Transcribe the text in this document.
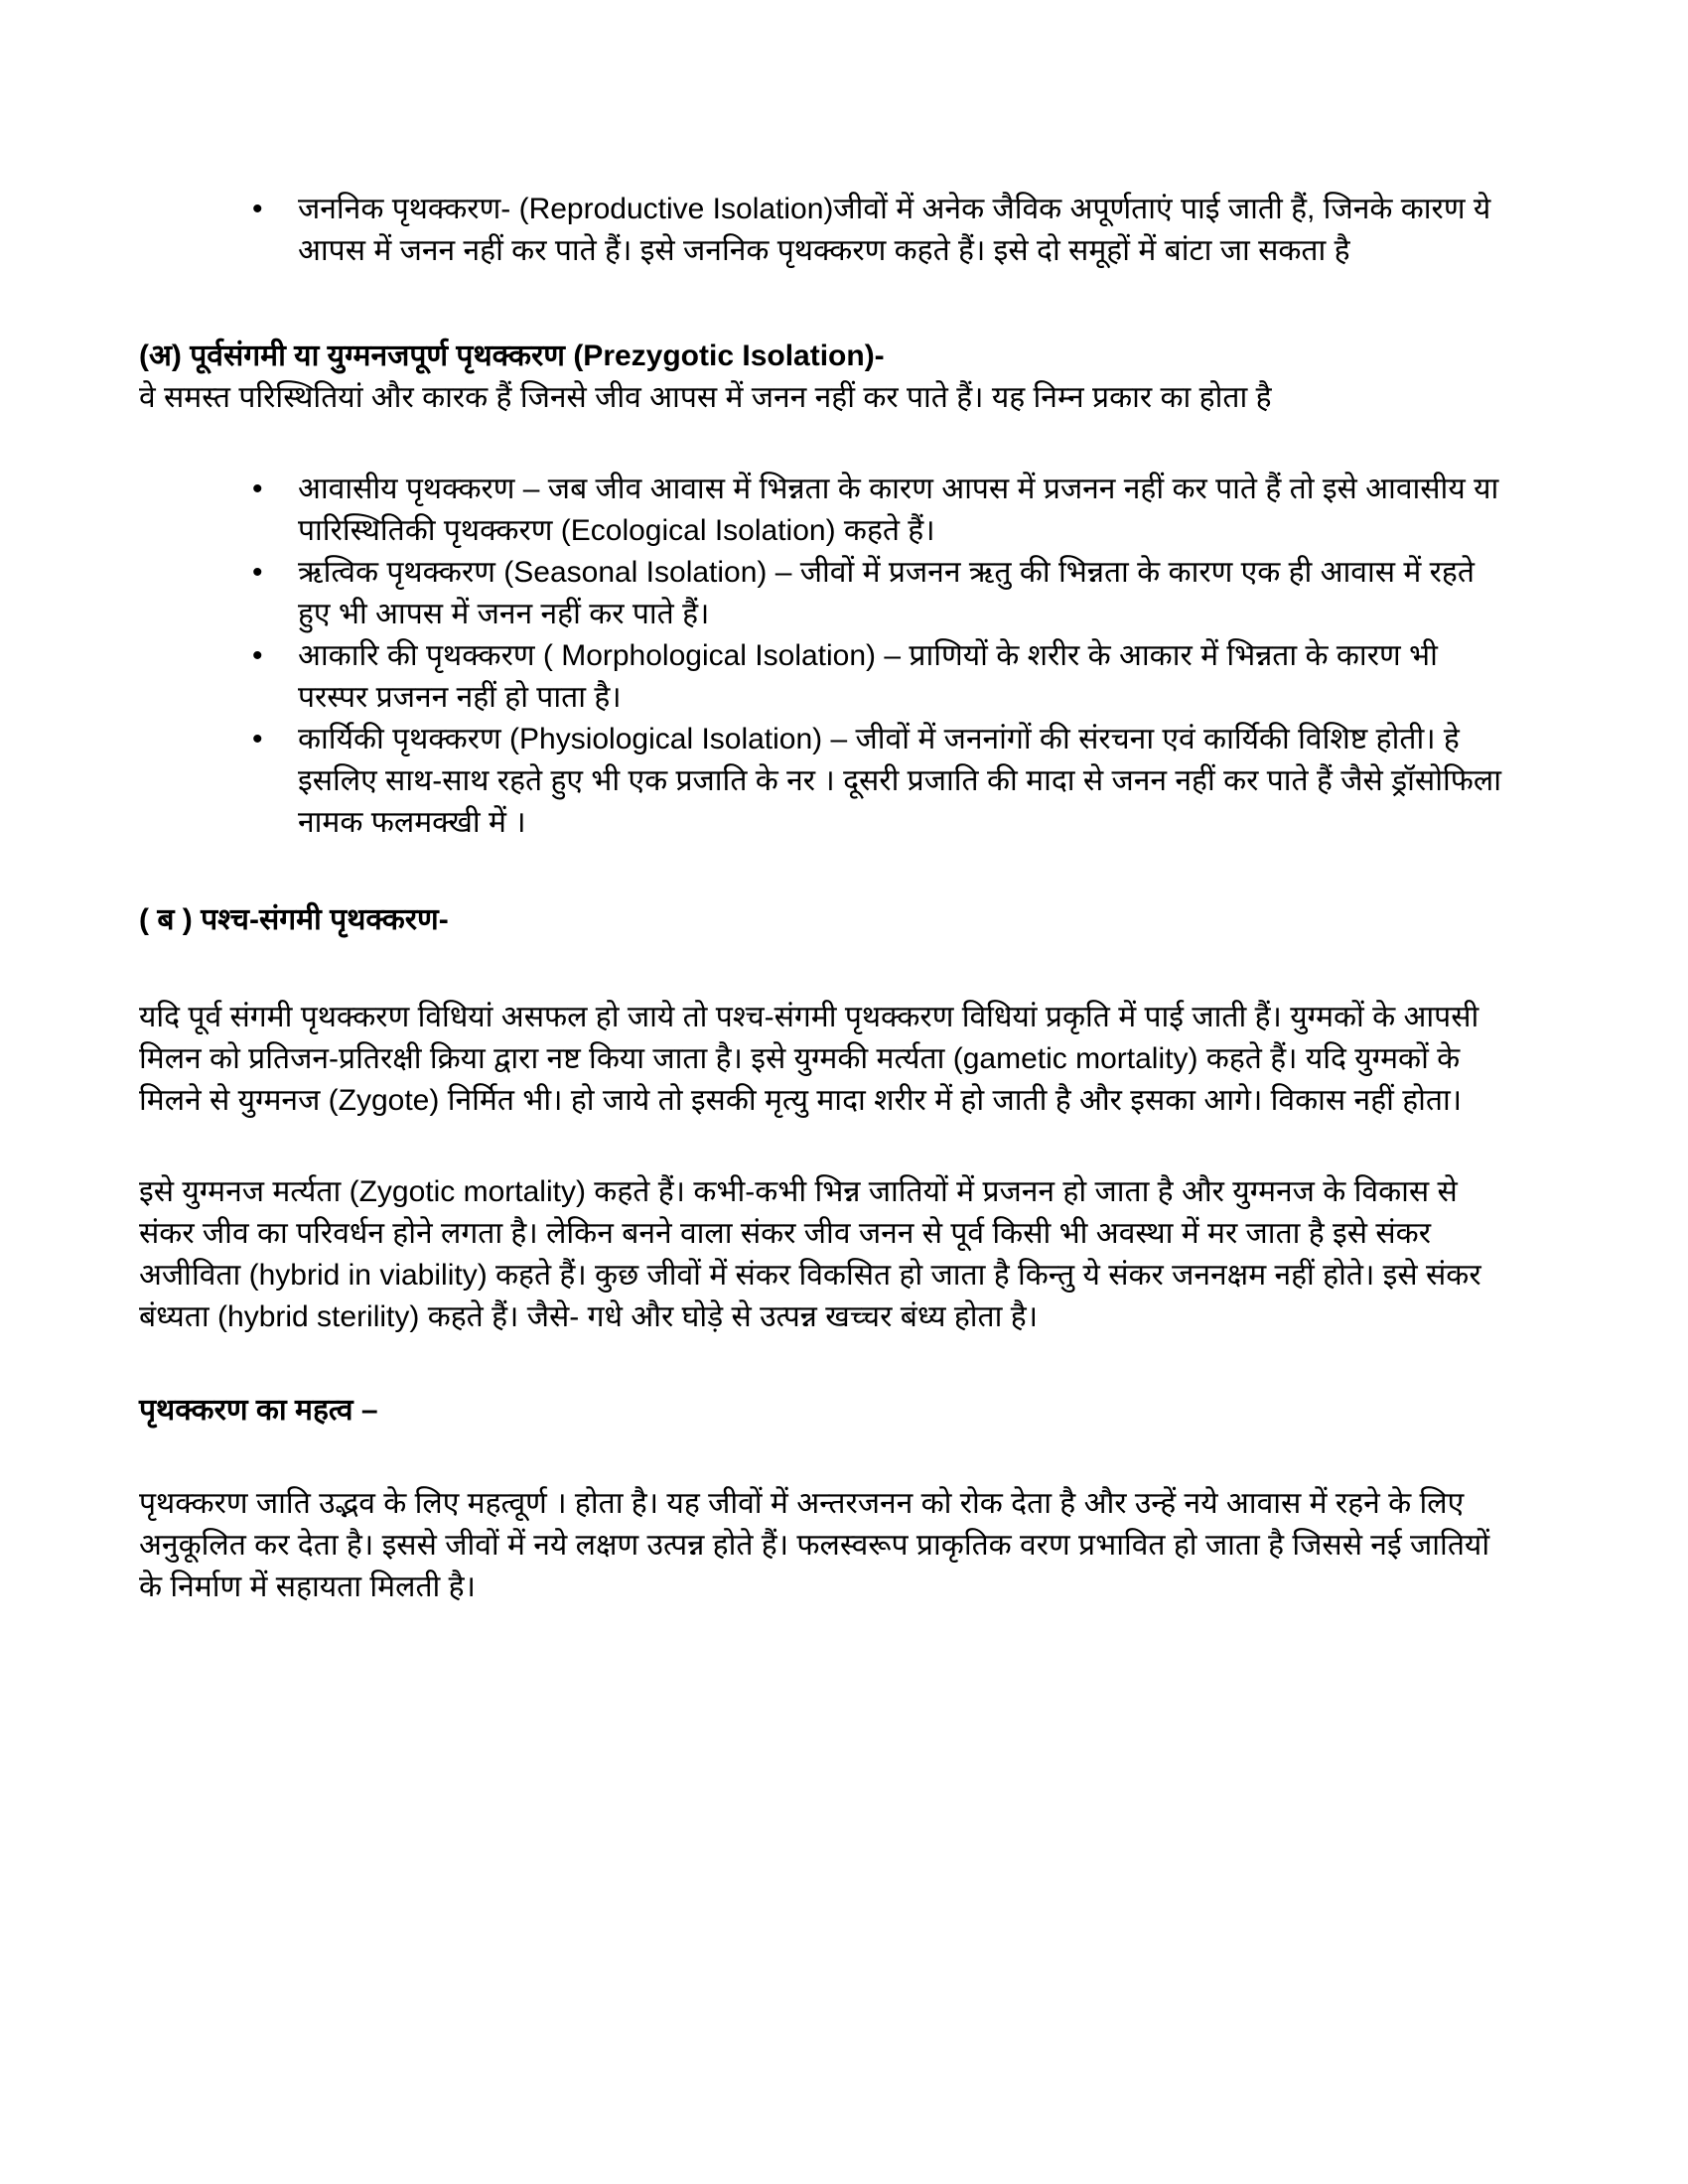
• जननिक पृथक्करण- (Reproductive Isolation)जीवों में अनेक जैविक अपूर्णताएं पाई जाती हैं, जिनके कारण ये आपस में जनन नहीं कर पाते हैं। इसे जननिक पृथक्करण कहते हैं। इसे दो समूहों में बांटा जा सकता है
(अ) पूर्वसंगमी या युग्मनजपूर्ण पृथक्करण (Prezygotic Isolation)-

वे समस्त परिस्थितियां और कारक हैं जिनसे जीव आपस में जनन नहीं कर पाते हैं। यह निम्न प्रकार का होता है

• आवासीय पृथक्करण – जब जीव आवास में भिन्नता के कारण आपस में प्रजनन नहीं कर पाते हैं तो इसे आवासीय या पारिस्थितिकी पृथक्करण (Ecological Isolation) कहते हैं।
• ऋत्विक पृथक्करण (Seasonal Isolation) – जीवों में प्रजनन ऋतु की भिन्नता के कारण एक ही आवास में रहते हुए भी आपस में जनन नहीं कर पाते हैं।
• आकारि की पृथक्करण ( Morphological Isolation) – प्राणियों के शरीर के आकार में भिन्नता के कारण भी परस्पर प्रजनन नहीं हो पाता है।
• कार्यिकी पृथक्करण (Physiological Isolation) – जीवों में जननांगों की संरचना एवं कार्यिकी विशिष्ट होती। हे इसलिए साथ-साथ रहते हुए भी एक प्रजाति के नर । दूसरी प्रजाति की मादा से जनन नहीं कर पाते हैं जैसे ड्रॉसोफिला नामक फलमक्खी में ।
( ब ) पश्च-संगमी पृथक्करण-

यदि पूर्व संगमी पृथक्करण विधियां असफल हो जाये तो पश्च-संगमी पृथक्करण विधियां प्रकृति में पाई जाती हैं। युग्मकों के आपसी मिलन को प्रतिजन-प्रतिरक्षी क्रिया द्वारा नष्ट किया जाता है। इसे युग्मकी मर्त्यता (gametic mortality) कहते हैं। यदि युग्मकों के मिलने से युग्मनज (Zygote) निर्मित भी। हो जाये तो इसकी मृत्यु मादा शरीर में हो जाती है और इसका आगे। विकास नहीं होता।

इसे युग्मनज मर्त्यता (Zygotic mortality) कहते हैं। कभी-कभी भिन्न जातियों में प्रजनन हो जाता है और युग्मनज के विकास से संकर जीव का परिवर्धन होने लगता है। लेकिन बनने वाला संकर जीव जनन से पूर्व किसी भी अवस्था में मर जाता है इसे संकर अजीविता (hybrid in viability) कहते हैं। कुछ जीवों में संकर विकसित हो जाता है किन्तु ये संकर जननक्षम नहीं होते। इसे संकर बंध्यता (hybrid sterility) कहते हैं। जैसे- गधे और घोड़े से उत्पन्न खच्चर बंध्य होता है।

पृथक्करण का महत्व –

पृथक्करण जाति उद्भव के लिए महत्वूर्ण । होता है। यह जीवों में अन्तरजनन को रोक देता है और उन्हें नये आवास में रहने के लिए अनुकूलित कर देता है। इससे जीवों में नये लक्षण उत्पन्न होते हैं। फलस्वरूप प्राकृतिक वरण प्रभावित हो जाता है जिससे नई जातियों के निर्माण में सहायता मिलती है।
